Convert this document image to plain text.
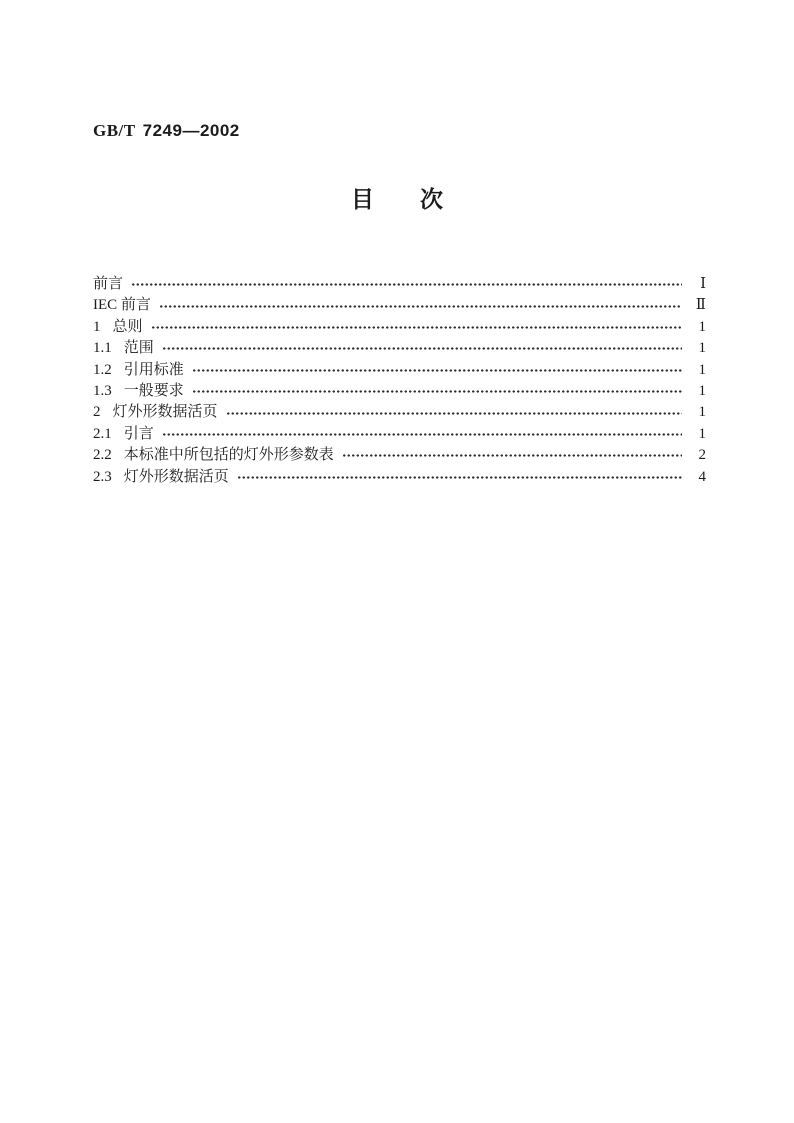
GB/T 7249—2002
目　　次
前言	Ⅰ
IEC 前言	Ⅱ
1 总则	1
1.1 范围	1
1.2 引用标准	1
1.3 一般要求	1
2 灯外形数据活页	1
2.1 引言	1
2.2 本标准中所包括的灯外形参数表	2
2.3 灯外形数据活页	4
